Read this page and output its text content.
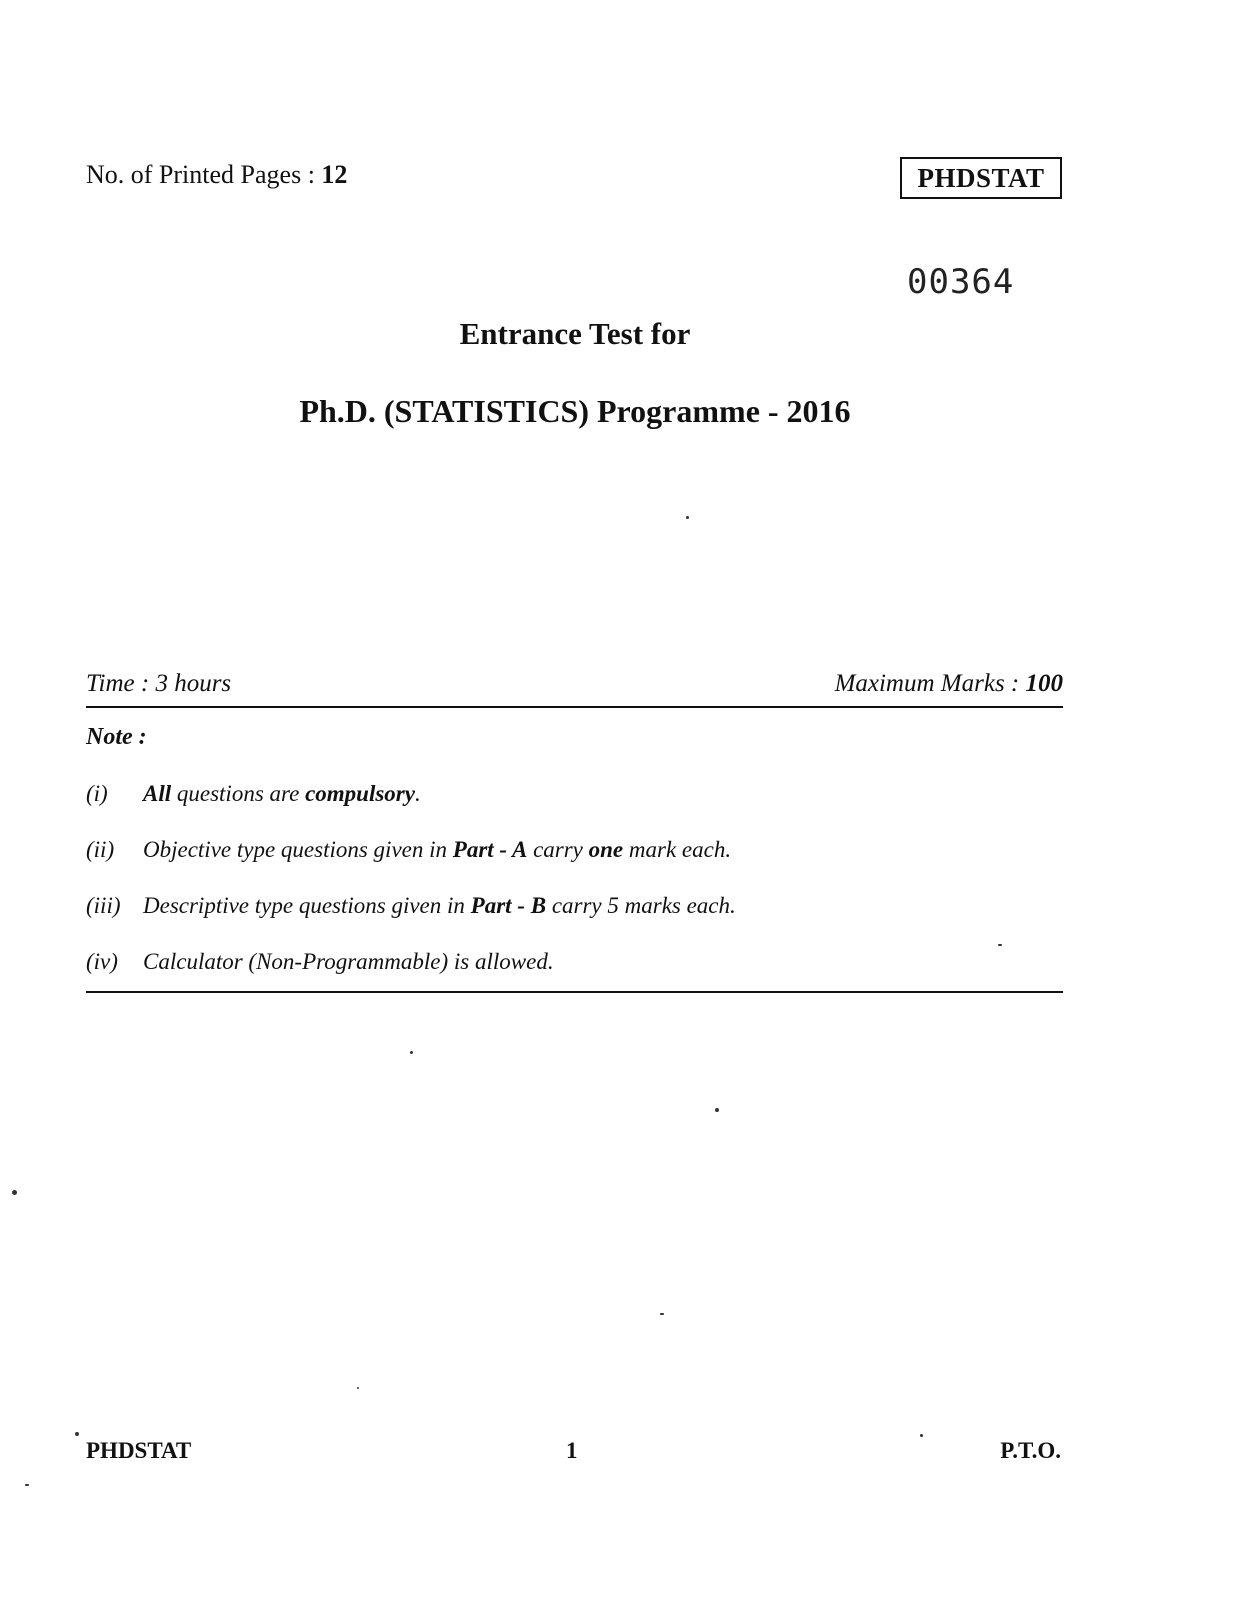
No. of Printed Pages : 12	PHDSTAT
00364
Entrance Test for
Ph.D. (STATISTICS) Programme - 2016
Time : 3 hours	Maximum Marks : 100
Note :
(i) All questions are compulsory.
(ii) Objective type questions given in Part - A carry one mark each.
(iii) Descriptive type questions given in Part - B carry 5 marks each.
(iv) Calculator (Non-Programmable) is allowed.
PHDSTAT	1	P.T.O.
